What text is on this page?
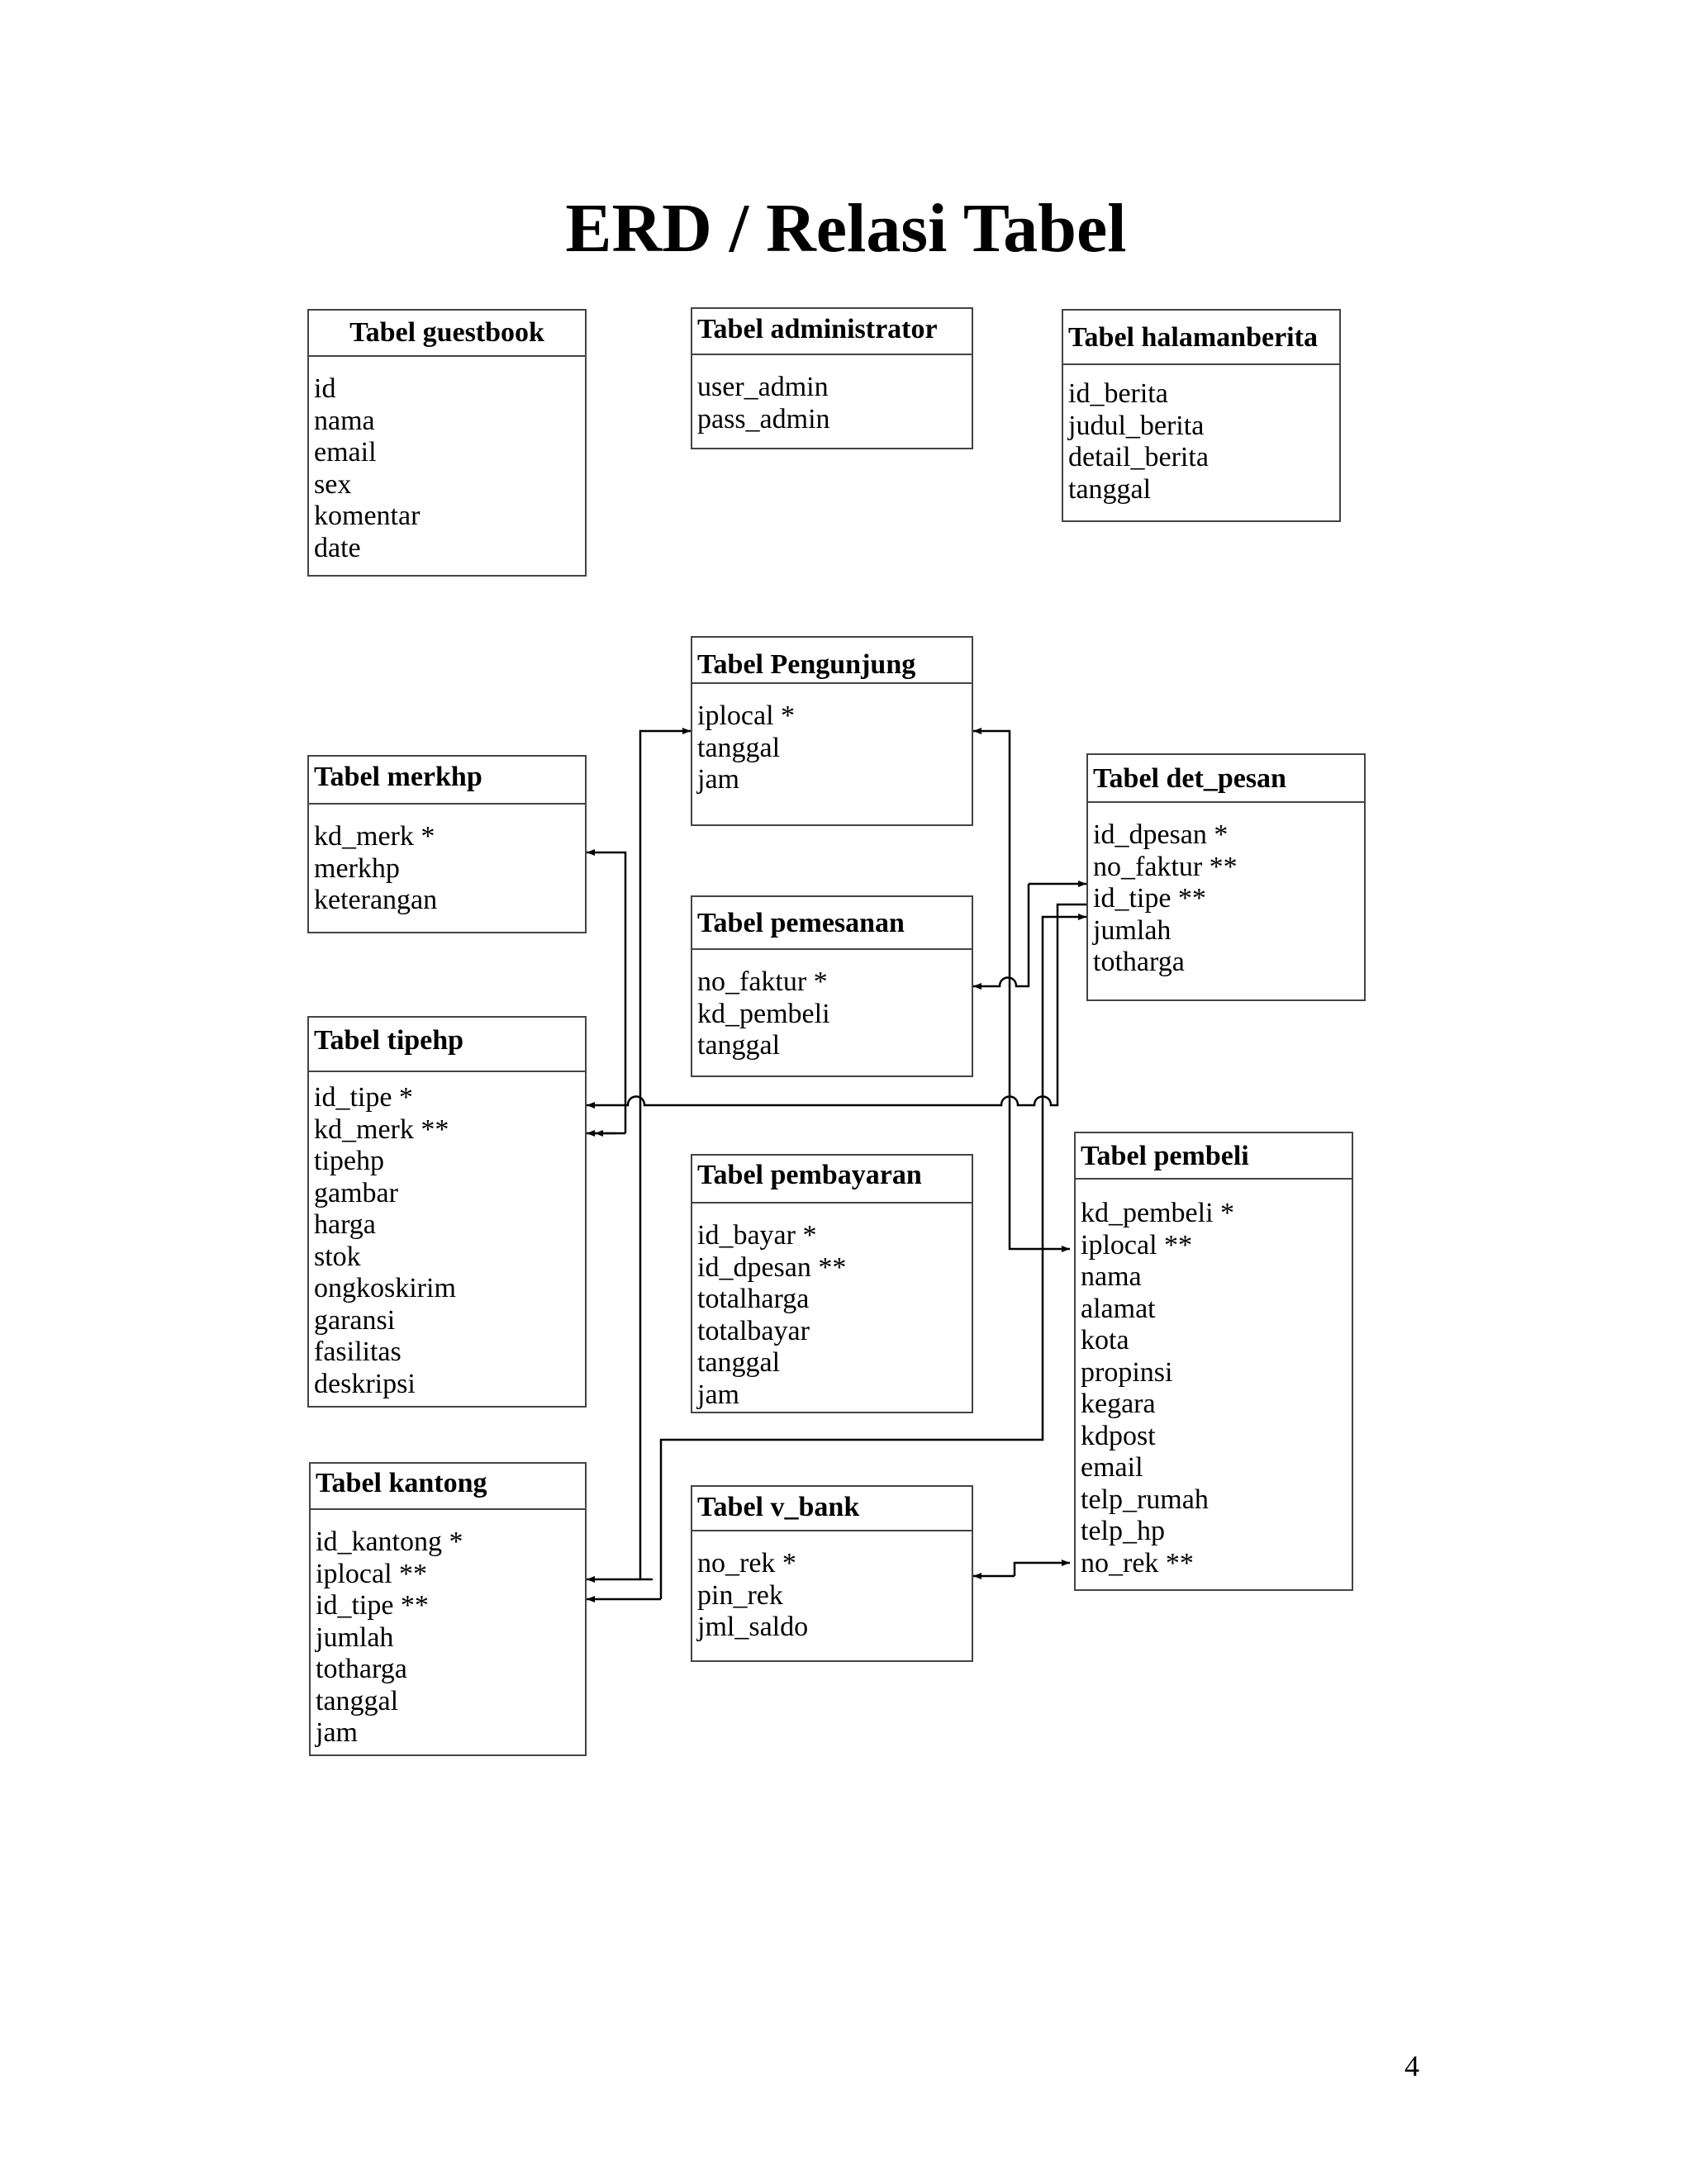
ERD / Relasi Tabel
Tabel guestbook
id
nama
email
sex
komentar
date
Tabel administrator
user_admin
pass_admin
Tabel halamanberita
id_berita
judul_berita
detail_berita
tanggal
Tabel Pengunjung
iplocal *
tanggal
jam
Tabel merkhp
kd_merk *
merkhp
keterangan
Tabel det_pesan
id_dpesan *
no_faktur **
id_tipe **
jumlah
totharga
Tabel pemesanan
no_faktur *
kd_pembeli
tanggal
Tabel tipehp
id_tipe *
kd_merk **
tipehp
gambar
harga
stok
ongkoskirim
garansi
fasilitas
deskripsi
Tabel pembayaran
id_bayar *
id_dpesan **
totalharga
totalbayar
tanggal
jam
Tabel pembeli
kd_pembeli *
iplocal **
nama
alamat
kota
propinsi
kegara
kdpost
email
telp_rumah
telp_hp
no_rek **
Tabel kantong
id_kantong *
iplocal **
id_tipe **
jumlah
totharga
tanggal
jam
Tabel v_bank
no_rek *
pin_rek
jml_saldo
4
